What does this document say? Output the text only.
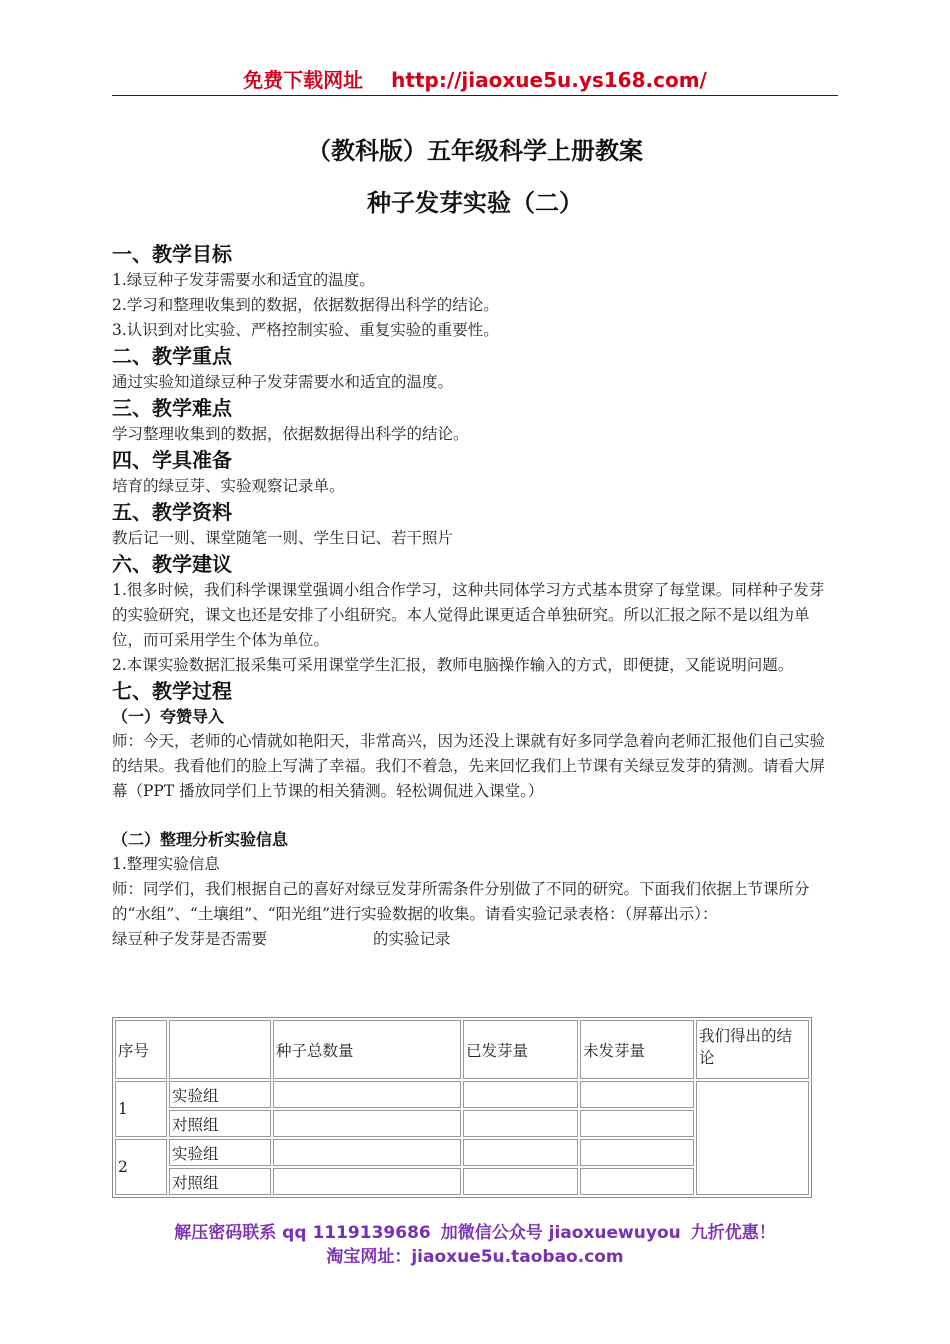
免费下载网址 http://jiaoxue5u.ys168.com/
（教科版）五年级科学上册教案
种子发芽实验（二）
一、教学目标
1.绿豆种子发芽需要水和适宜的温度。
2.学习和整理收集到的数据，依据数据得出科学的结论。
3.认识到对比实验、严格控制实验、重复实验的重要性。
二、教学重点
通过实验知道绿豆种子发芽需要水和适宜的温度。
三、教学难点
学习整理收集到的数据，依据数据得出科学的结论。
四、学具准备
培育的绿豆芽、实验观察记录单。
五、教学资料
教后记一则、课堂随笔一则、学生日记、若干照片
六、教学建议
1.很多时候，我们科学课课堂强调小组合作学习，这种共同体学习方式基本贯穿了每堂课。同样种子发芽的实验研究，课文也还是安排了小组研究。本人觉得此课更适合单独研究。所以汇报之际不是以组为单位，而可采用学生个体为单位。
2.本课实验数据汇报采集可采用课堂学生汇报，教师电脑操作输入的方式，即便捷，又能说明问题。
七、教学过程
（一）夸赞导入
师：今天，老师的心情就如艳阳天，非常高兴，因为还没上课就有好多同学急着向老师汇报他们自己实验的结果。我看他们的脸上写满了幸福。我们不着急，先来回忆我们上节课有关绿豆发芽的猜测。请看大屏幕（PPT 播放同学们上节课的相关猜测。轻松调侃进入课堂。）
（二）整理分析实验信息
1.整理实验信息
师：同学们，我们根据自己的喜好对绿豆发芽所需条件分别做了不同的研究。下面我们依据上节课所分的“水组”、“土壤组”、“阳光组”进行实验数据的收集。请看实验记录表格：（屏幕出示）：
绿豆种子发芽是否需要	的实验记录
序号		种子总数量	已发芽量	未发芽量	我们得出的结论
1	实验组				
	对照组				
2	实验组				
	对照组				
解压密码联系 qq 1119139686 加微信公众号 jiaoxuewuyou 九折优惠！
淘宝网址：jiaoxue5u.taobao.com
